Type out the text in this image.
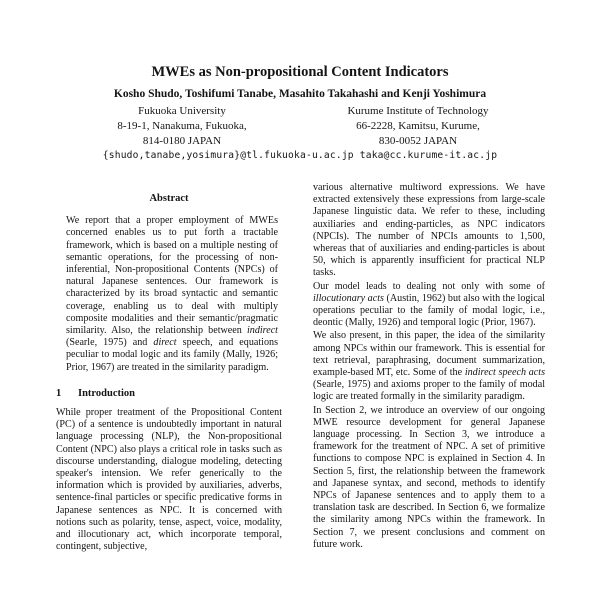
MWEs as Non-propositional Content Indicators
Kosho Shudo, Toshifumi Tanabe, Masahito Takahashi and Kenji Yoshimura
Fukuoka University
8-19-1, Nanakuma, Fukuoka,
814-0180 JAPAN
Kurume Institute of Technology
66-2228, Kamitsu, Kurume,
830-0052 JAPAN
{shudo,tanabe,yosimura}@tl.fukuoka-u.ac.jp taka@cc.kurume-it.ac.jp
Abstract

We report that a proper employment of MWEs concerned enables us to put forth a tractable framework, which is based on a multiple nesting of semantic operations, for the processing of non-inferential, Non-propositional Contents (NPCs) of natural Japanese sentences. Our framework is characterized by its broad syntactic and semantic coverage, enabling us to deal with multiply composite modalities and their semantic/pragmatic similarity. Also, the relationship between indirect (Searle, 1975) and direct speech, and equations peculiar to modal logic and its family (Mally, 1926; Prior, 1967) are treated in the similarity paradigm.

1 Introduction

While proper treatment of the Propositional Content (PC) of a sentence is undoubtedly important in natural language processing (NLP), the Non-propositional Content (NPC) also plays a critical role in tasks such as discourse understanding, dialogue modeling, detecting speaker's intension. We refer generically to the information which is provided by auxiliaries, adverbs, sentence-final particles or specific predicative forms in Japanese sentences as NPC. It is concerned with notions such as polarity, tense, aspect, voice, modality, and illocutionary act, which incorporate temporal, contingent, subjective,

various alternative multiword expressions. We have extracted extensively these expressions from large-scale Japanese linguistic data. We refer to these, including auxiliaries and ending-particles, as NPC indicators (NPCIs). The number of NPCIs amounts to 1,500, whereas that of auxiliaries and ending-particles is about 50, which is apparently insufficient for practical NLP tasks.

Our model leads to dealing not only with some of illocutionary acts (Austin, 1962) but also with the logical operations peculiar to the family of modal logic, i.e., deontic (Mally, 1926) and temporal logic (Prior, 1967).

We also present, in this paper, the idea of the similarity among NPCs within our framework. This is essential for text retrieval, paraphrasing, document summarization, example-based MT, etc. Some of the indirect speech acts (Searle, 1975) and axioms proper to the family of modal logic are treated formally in the similarity paradigm.

In Section 2, we introduce an overview of our ongoing MWE resource development for general Japanese language processing. In Section 3, we introduce a framework for the treatment of NPC. A set of primitive functions to compose NPC is explained in Section 4. In Section 5, first, the relationship between the framework and Japanese syntax, and second, methods to identify NPCs of Japanese sentences and to apply them to a translation task are described. In Section 6, we formalize the similarity among NPCs within the framework. In Section 7, we present conclusions and comment on future work.
